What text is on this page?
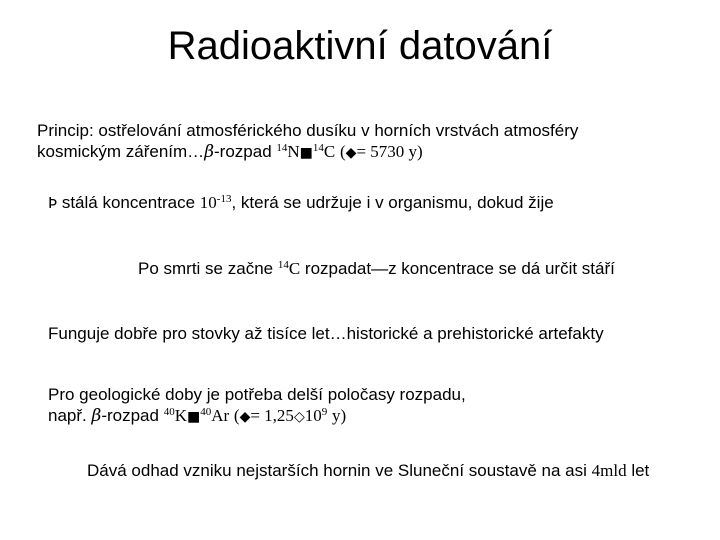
Radioaktivní datování
Princip: ostřelování atmosférického dusíku v horních vrstvách atmosféry
kosmickým zářením…β-rozpad $^{14}$N■$^{14}$C (◆= 5730 y)
Þ stálá koncentrace $10^{-13}$, která se udržuje i v organismu, dokud žije
Po smrti se začne $^{14}$C rozpadat—z koncentrace se dá určit stáří
Funguje dobře pro stovky až tisíce let…historické a prehistorické artefakty
Pro geologické doby je potřeba delší poločasy rozpadu,
např. β-rozpad $^{40}$K■$^{40}$Ar (◆= $1,25◇10^9$ y)
Dává odhad vzniku nejstarších hornin ve Sluneční soustavě na asi 4mld let
